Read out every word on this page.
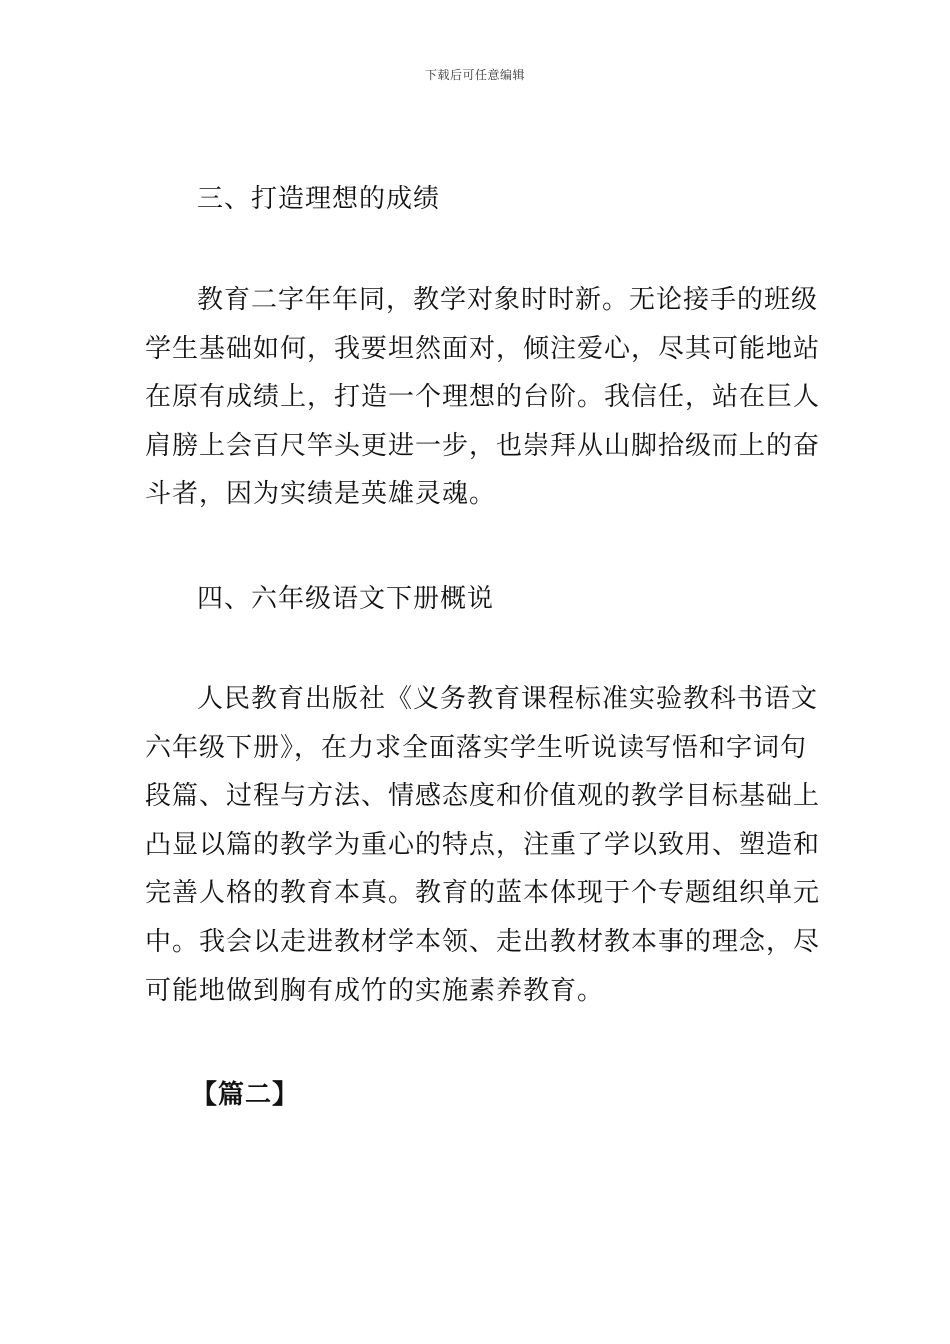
下载后可任意编辑

三、打造理想的成绩

教育二字年年同，教学对象时时新。无论接手的班级
学生基础如何，我要坦然面对，倾注爱心，尽其可能地站
在原有成绩上，打造一个理想的台阶。我信任，站在巨人
肩膀上会百尺竿头更进一步，也崇拜从山脚拾级而上的奋
斗者，因为实绩是英雄灵魂。

四、六年级语文下册概说

人民教育出版社《义务教育课程标准实验教科书语文
六年级下册》，在力求全面落实学生听说读写悟和字词句
段篇、过程与方法、情感态度和价值观的教学目标基础上
凸显以篇的教学为重心的特点，注重了学以致用、塑造和
完善人格的教育本真。教育的蓝本体现于个专题组织单元
中。我会以走进教材学本领、走出教材教本事的理念，尽
可能地做到胸有成竹的实施素养教育。

【篇二】
